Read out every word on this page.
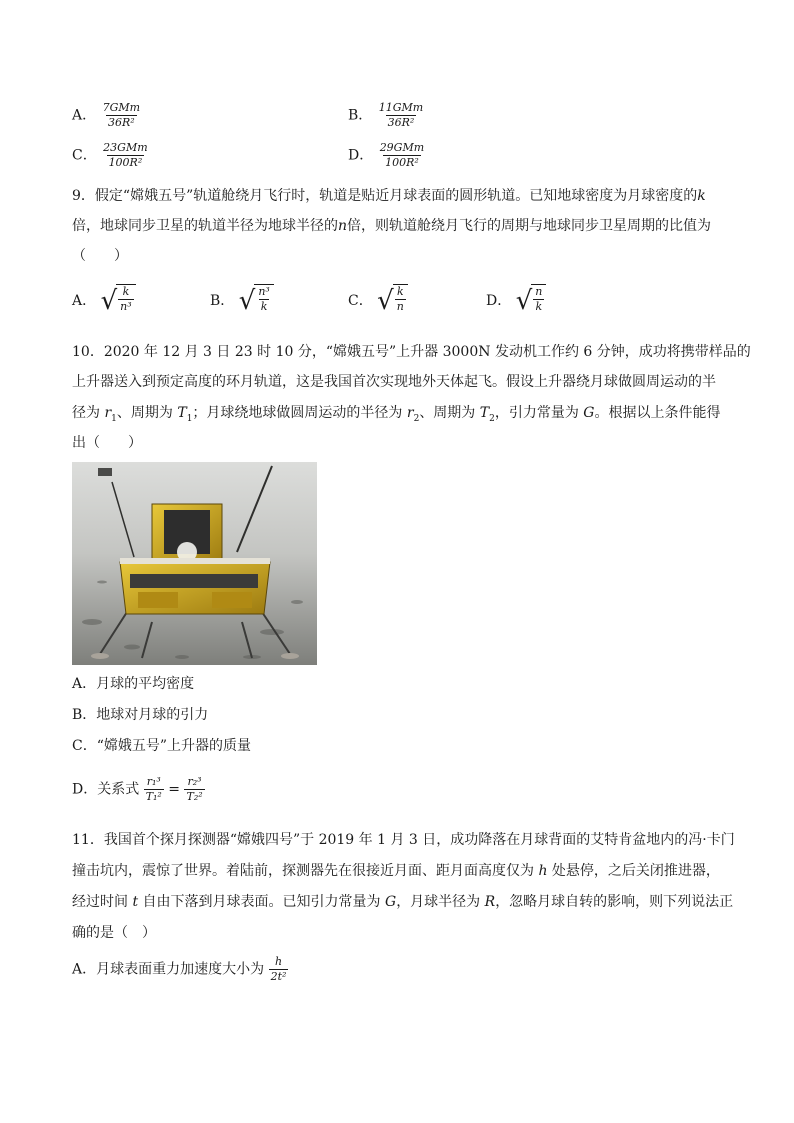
A． $\frac{\text{7GMm}}{\text{36R²}}$	B． $\frac{\text{11GMm}}{\text{36R²}}$
C． $\frac{\text{23GMm}}{\text{100R²}}$	D． $\frac{\text{29GMm}}{\text{100R²}}$
9．假定“嫦娥五号”轨道舱绕月飞行时，轨道是贴近月球表面的圆形轨道。已知地球密度为月球密度的k
倍，地球同步卫星的轨道半径为地球半径的n倍，则轨道舱绕月飞行的周期与地球同步卫星周期的比值为
（　　）
A． √ $\frac{k}{\text{n³}}$	B． √ $\frac{\text{n³}}{k}$	C． √ $\frac{k}{n}$	D． √ $\frac{n}{k}$
10．2020 年 12 月 3 日 23 时 10 分，“嫦娥五号”上升器 3000N 发动机工作约 6 分钟，成功将携带样品的
上升器送入到预定高度的环月轨道，这是我国首次实现地外天体起飞。假设上升器绕月球做圆周运动的半
径为 $r_1$、周期为 $T_1$；月球绕地球做圆周运动的半径为 $r_2$、周期为 $T_2$，引力常量为 G。根据以上条件能得
出（　　）
A．月球的平均密度
B．地球对月球的引力
C．“嫦娥五号”上升器的质量
D．关系式 $\frac{\text{r₁³}}{\text{T₁²}} = \frac{\text{r₂³}}{\text{T₂²}}$
11．我国首个探月探测器“嫦娥四号”于 2019 年 1 月 3 日，成功降落在月球背面的艾特肯盆地内的冯·卡门
撞击坑内，震惊了世界。着陆前，探测器先在很接近月面、距月面高度仅为 h 处悬停，之后关闭推进器，
经过时间 t 自由下落到月球表面。已知引力常量为 G，月球半径为 R，忽略月球自转的影响，则下列说法正
确的是（　）
A．月球表面重力加速度大小为 $\frac{h}{\text{2t²}}$
